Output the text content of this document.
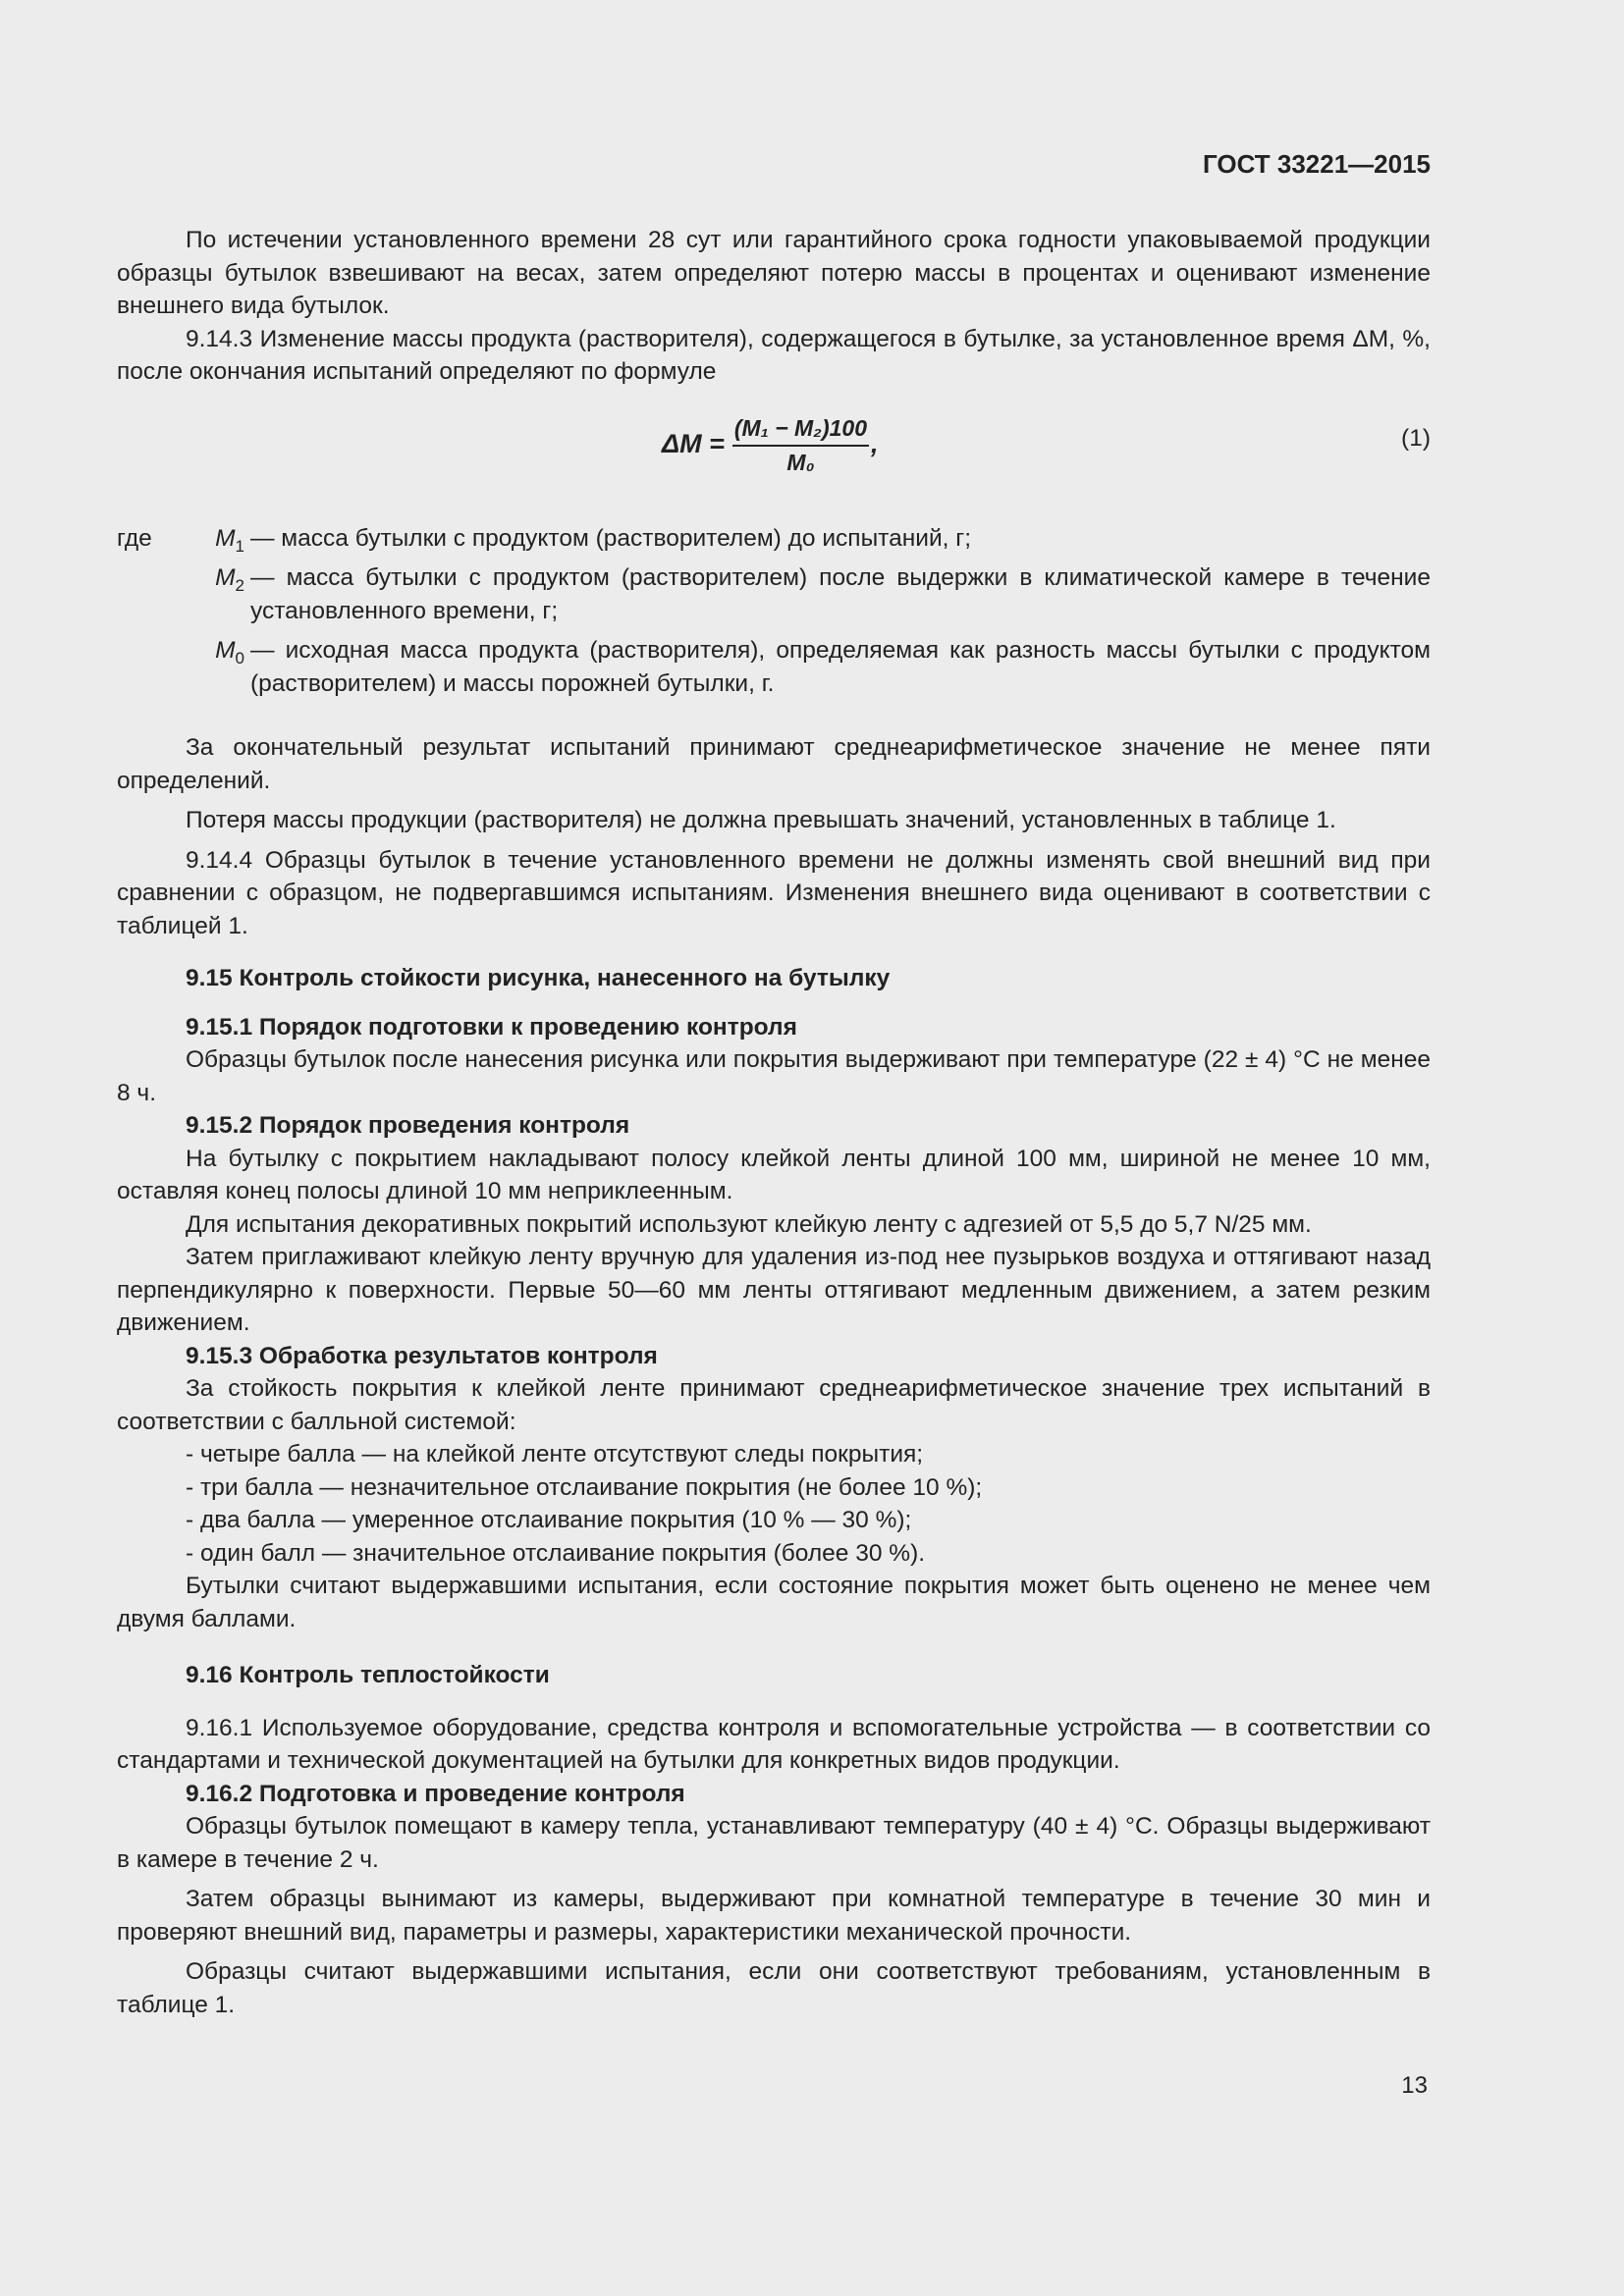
ГОСТ 33221—2015

По истечении установленного времени 28 сут или гарантийного срока годности упаковываемой продукции образцы бутылок взвешивают на весах, затем определяют потерю массы в процентах и оценивают изменение внешнего вида бутылок.

9.14.3 Изменение массы продукта (растворителя), содержащегося в бутылке, за установленное время ΔM, %, после окончания испытаний определяют по формуле

$\Delta M = \frac{\text{(M₁ − M₂)100}}{\text{M₀}}$ ,	(1)
где	$M_1$ — масса бутылки с продуктом (растворителем) до испытаний, г;
$M_2$ — масса бутылки с продуктом (растворителем) после выдержки в климатической камере в течение установленного времени, г;
$M_0$ — исходная масса продукта (растворителя), определяемая как разность массы бутылки с продуктом (растворителем) и массы порожней бутылки, г.

За окончательный результат испытаний принимают среднеарифметическое значение не менее пяти определений.

Потеря массы продукции (растворителя) не должна превышать значений, установленных в таблице 1.

9.14.4 Образцы бутылок в течение установленного времени не должны изменять свой внешний вид при сравнении с образцом, не подвергавшимся испытаниям. Изменения внешнего вида оценивают в соответствии с таблицей 1.

9.15 Контроль стойкости рисунка, нанесенного на бутылку

9.15.1 Порядок подготовки к проведению контроля

Образцы бутылок после нанесения рисунка или покрытия выдерживают при температуре (22 ± 4) °С не менее 8 ч.

9.15.2 Порядок проведения контроля

На бутылку с покрытием накладывают полосу клейкой ленты длиной 100 мм, шириной не менее 10 мм, оставляя конец полосы длиной 10 мм неприклеенным.

Для испытания декоративных покрытий используют клейкую ленту с адгезией от 5,5 до 5,7 N/25 мм.

Затем приглаживают клейкую ленту вручную для удаления из-под нее пузырьков воздуха и оттягивают назад перпендикулярно к поверхности. Первые 50—60 мм ленты оттягивают медленным движением, а затем резким движением.

9.15.3 Обработка результатов контроля

За стойкость покрытия к клейкой ленте принимают среднеарифметическое значение трех испытаний в соответствии с балльной системой:

- четыре балла — на клейкой ленте отсутствуют следы покрытия;
- три балла — незначительное отслаивание покрытия (не более 10 %);
- два балла — умеренное отслаивание покрытия (10 % — 30 %);
- один балл — значительное отслаивание покрытия (более 30 %).

Бутылки считают выдержавшими испытания, если состояние покрытия может быть оценено не менее чем двумя баллами.

9.16 Контроль теплостойкости

9.16.1 Используемое оборудование, средства контроля и вспомогательные устройства — в соответствии со стандартами и технической документацией на бутылки для конкретных видов продукции.

9.16.2 Подготовка и проведение контроля

Образцы бутылок помещают в камеру тепла, устанавливают температуру (40 ± 4) °С. Образцы выдерживают в камере в течение 2 ч.

Затем образцы вынимают из камеры, выдерживают при комнатной температуре в течение 30 мин и проверяют внешний вид, параметры и размеры, характеристики механической прочности.

Образцы считают выдержавшими испытания, если они соответствуют требованиям, установленным в таблице 1.

13
